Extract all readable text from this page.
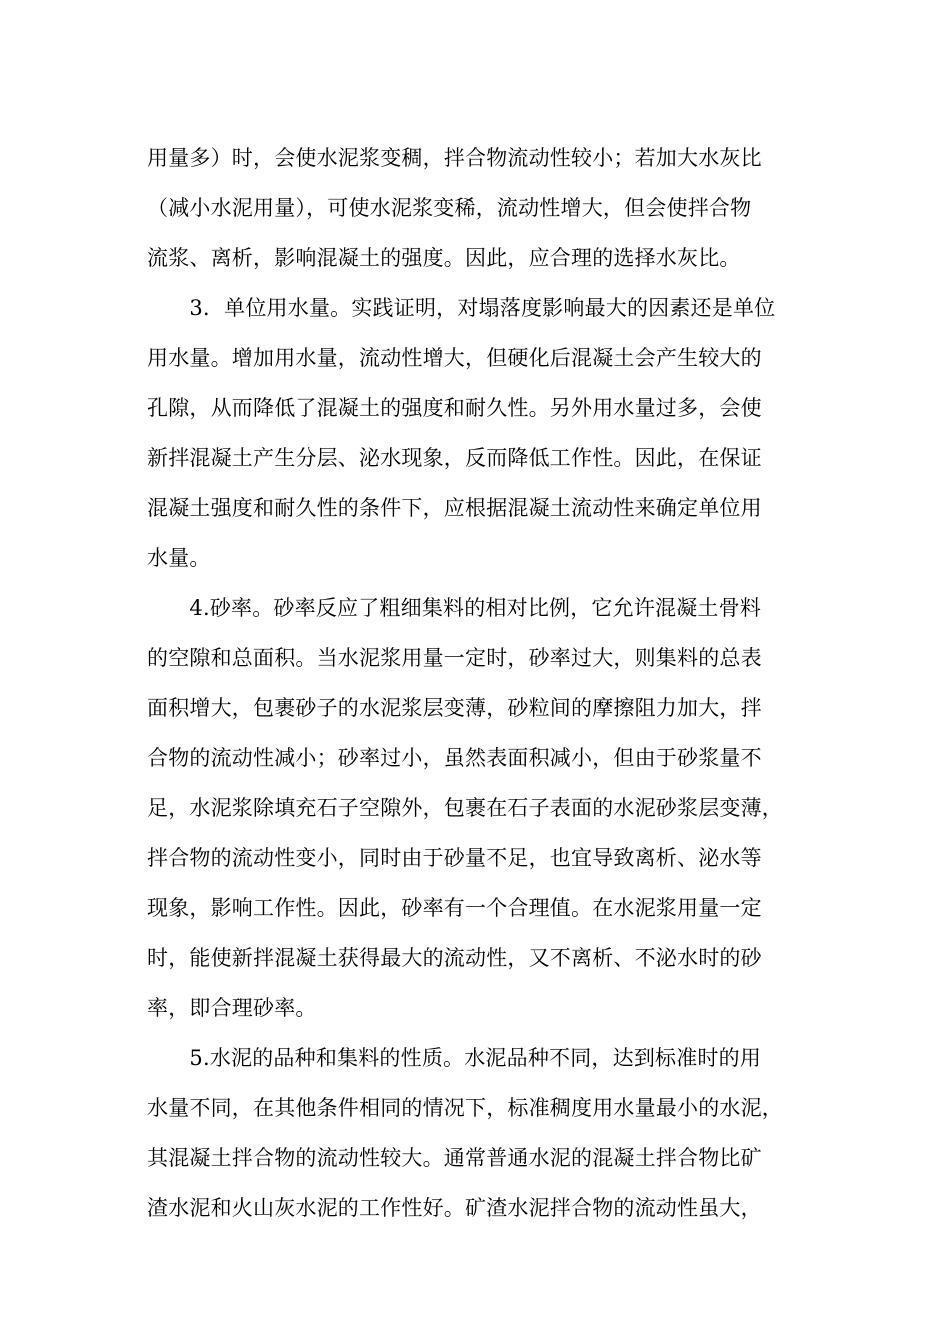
用量多）时，会使水泥浆变稠，拌合物流动性较小；若加大水灰比
（减小水泥用量），可使水泥浆变稀，流动性增大，但会使拌合物
流浆、离析，影响混凝土的强度。因此，应合理的选择水灰比。
　　3．单位用水量。实践证明，对塌落度影响最大的因素还是单位
用水量。增加用水量，流动性增大，但硬化后混凝土会产生较大的
孔隙，从而降低了混凝土的强度和耐久性。另外用水量过多，会使
新拌混凝土产生分层、泌水现象，反而降低工作性。因此，在保证
混凝土强度和耐久性的条件下，应根据混凝土流动性来确定单位用
水量。
　　4.砂率。砂率反应了粗细集料的相对比例，它允许混凝土骨料
的空隙和总面积。当水泥浆用量一定时，砂率过大，则集料的总表
面积增大，包裹砂子的水泥浆层变薄，砂粒间的摩擦阻力加大，拌
合物的流动性减小；砂率过小，虽然表面积减小，但由于砂浆量不
足，水泥浆除填充石子空隙外，包裹在石子表面的水泥砂浆层变薄，
拌合物的流动性变小，同时由于砂量不足，也宜导致离析、泌水等
现象，影响工作性。因此，砂率有一个合理值。在水泥浆用量一定
时，能使新拌混凝土获得最大的流动性，又不离析、不泌水时的砂
率，即合理砂率。
　　5.水泥的品种和集料的性质。水泥品种不同，达到标准时的用
水量不同，在其他条件相同的情况下，标准稠度用水量最小的水泥，
其混凝土拌合物的流动性较大。通常普通水泥的混凝土拌合物比矿
渣水泥和火山灰水泥的工作性好。矿渣水泥拌合物的流动性虽大，
